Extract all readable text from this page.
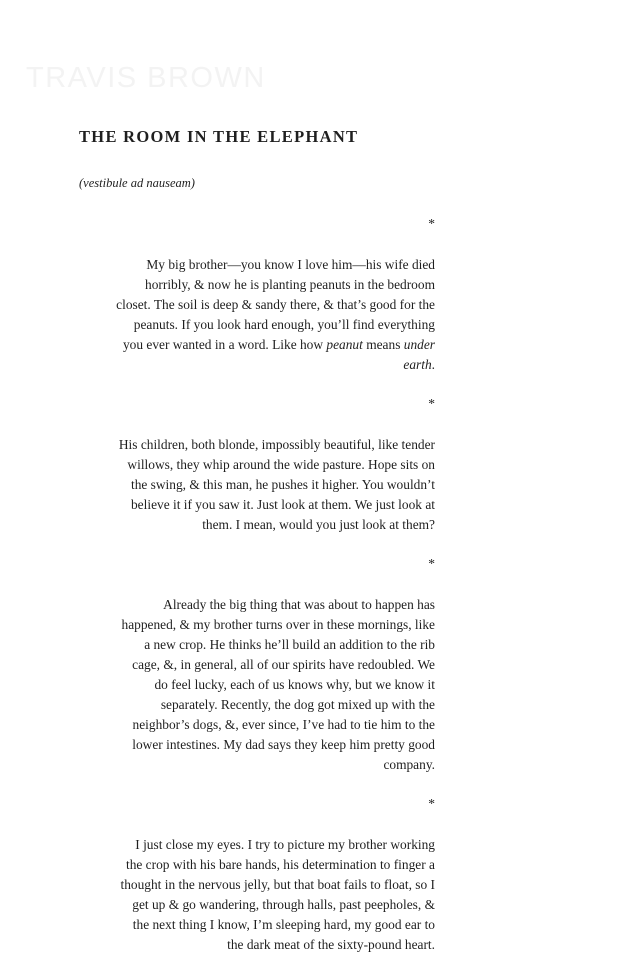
TRAVIS BROWN
THE ROOM IN THE ELEPHANT
(vestibule ad nauseam)
*
My big brother—you know I love him—his wife died
horribly, & now he is planting peanuts in the bedroom
closet. The soil is deep & sandy there, & that’s good for the
peanuts. If you look hard enough, you’ll find everything
you ever wanted in a word. Like how peanut means under
earth.
*
His children, both blonde, impossibly beautiful, like tender
willows, they whip around the wide pasture. Hope sits on
the swing, & this man, he pushes it higher. You wouldn’t
believe it if you saw it. Just look at them. We just look at
them. I mean, would you just look at them?
*
Already the big thing that was about to happen has
happened, & my brother turns over in these mornings, like
a new crop. He thinks he’ll build an addition to the rib
cage, &, in general, all of our spirits have redoubled. We
do feel lucky, each of us knows why, but we know it
separately. Recently, the dog got mixed up with the
neighbor’s dogs, &, ever since, I’ve had to tie him to the
lower intestines. My dad says they keep him pretty good
company.
*
I just close my eyes. I try to picture my brother working
the crop with his bare hands, his determination to finger a
thought in the nervous jelly, but that boat fails to float, so I
get up & go wandering, through halls, past peepholes, &
the next thing I know, I’m sleeping hard, my good ear to
the dark meat of the sixty-pound heart.
